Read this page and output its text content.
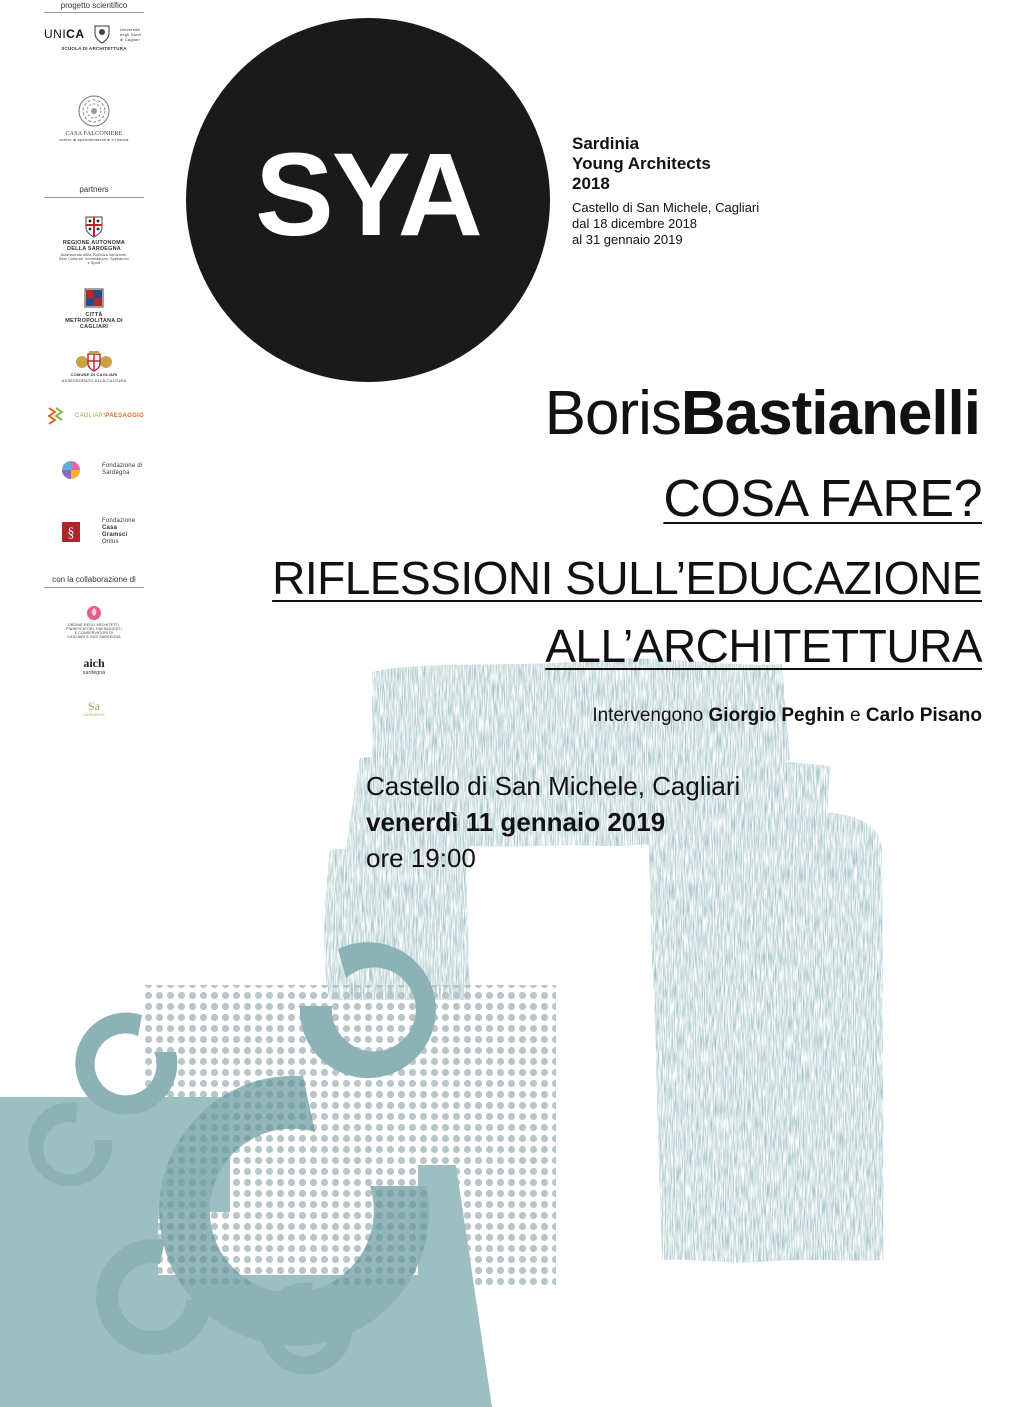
progetto scientifico
UNICA	Università degli Studi di Cagliari
SCUOLA DI ARCHITETTURA
CASA FALCONIERE
centro di sperimentazione e ricerca
partners
REGIONE AUTONOMA DELLA SARDEGNA
Assessorato della Pubblica Istruzione, Beni Culturali, Informazione, Spettacolo e Sport
CITTÀ METROPOLITANA DI CAGLIARI
COMUNE DI CAGLIARI
ASSESSORATO ALLA CULTURA
CAGLIARIPAESAGGIO
Fondazione di Sardegna
§
Fondazione
Casa Gramsci
Onlus
con la collaborazione di
ORDINE DEGLI ARCHITETTI, PIANIFICATORI, PAESAGGISTI E CONSERVATORI DI CAGLIARI E SUD SARDEGNA
aich
sardegna
Sa
SARDARCH
SYA	Sardinia
Young Architects
2018
Castello di San Michele, Cagliari
dal 18 dicembre 2018
al 31 gennaio 2019
BorisBastianelli
COSA FARE?
RIFLESSIONI SULL’EDUCAZIONE
ALL’ARCHITETTURA
Intervengono Giorgio Peghin e Carlo Pisano
Castello di San Michele, Cagliari
venerdì 11 gennaio 2019
ore 19:00
